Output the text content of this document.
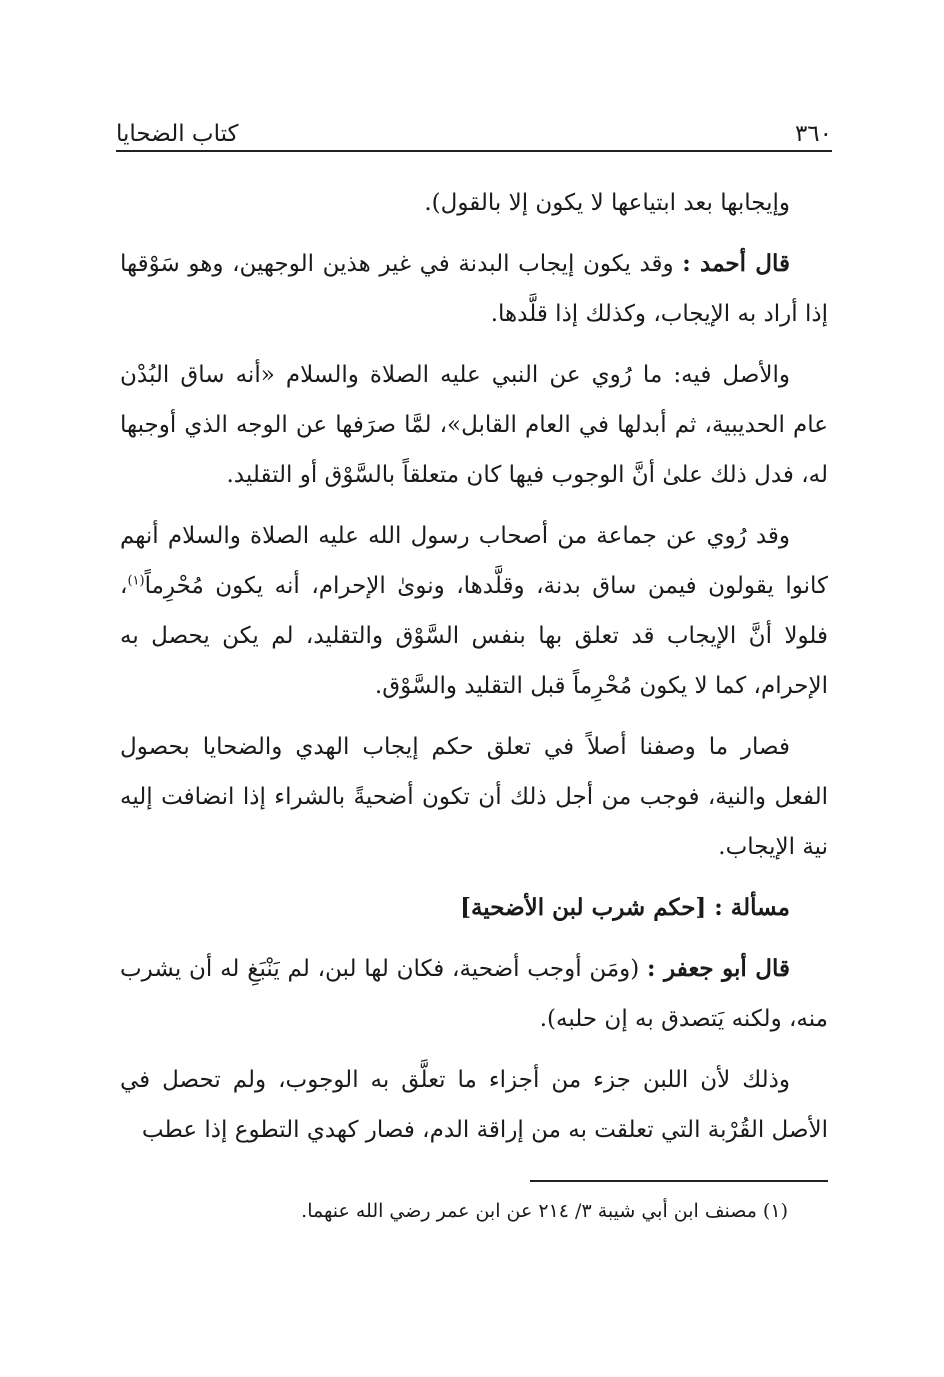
٣٦٠
كتاب الضحايا

وإيجابها بعد ابتياعها لا يكون إلا بالقول).

قال أحمد : وقد يكون إيجاب البدنة في غير هذين الوجهين، وهو سَوْقها إذا أراد به الإيجاب، وكذلك إذا قلَّدها.

والأصل فيه: ما رُوي عن النبي عليه الصلاة والسلام «أنه ساق البُدْن عام الحديبية، ثم أبدلها في العام القابل»، لمَّا صرَفها عن الوجه الذي أوجبها له، فدل ذلك علىٰ أنَّ الوجوب فيها كان متعلقاً بالسَّوْق أو التقليد.

وقد رُوي عن جماعة من أصحاب رسول الله عليه الصلاة والسلام أنهم كانوا يقولون فيمن ساق بدنة، وقلَّدها، ونوىٰ الإحرام، أنه يكون مُحْرِماً$^{(١)}$، فلولا أنَّ الإيجاب قد تعلق بها بنفس السَّوْق والتقليد، لم يكن يحصل به الإحرام، كما لا يكون مُحْرِماً قبل التقليد والسَّوْق.

فصار ما وصفنا أصلاً في تعلق حكم إيجاب الهدي والضحايا بحصول الفعل والنية، فوجب من أجل ذلك أن تكون أضحيةً بالشراء إذا انضافت إليه نية الإيجاب.

مسألة : [حكم شرب لبن الأضحية]

قال أبو جعفر : (ومَن أوجب أضحية، فكان لها لبن، لم يَنْبَغِ له أن يشرب منه، ولكنه يَتصدق به إن حلبه).

وذلك لأن اللبن جزء من أجزاء ما تعلَّق به الوجوب، ولم تحصل في الأصل القُرْبة التي تعلقت به من إراقة الدم، فصار كهدي التطوع إذا عطب

(١) مصنف ابن أبي شيبة ٣/ ٢١٤ عن ابن عمر رضي الله عنهما.
